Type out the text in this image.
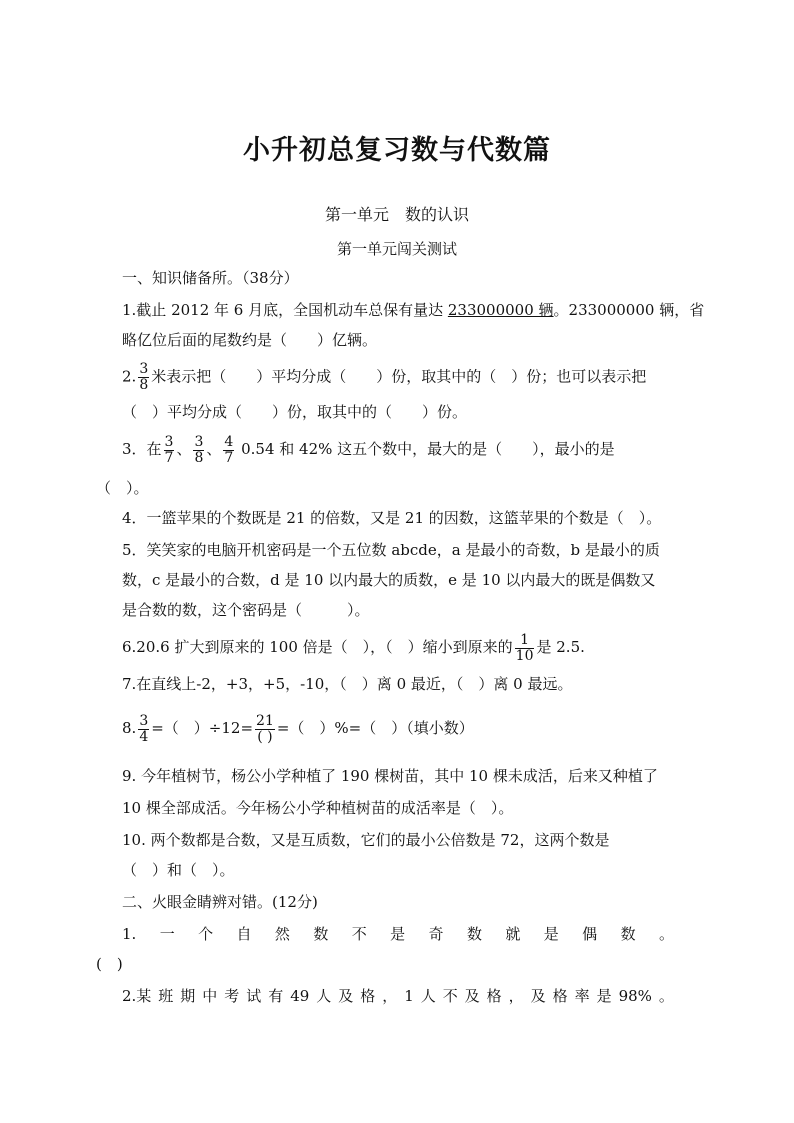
小升初总复习数与代数篇
第一单元　数的认识
第一单元闯关测试
一、知识储备所。（38分）
1.截止 2012 年 6 月底，全国机动车总保有量达 233000000 辆。233000000 辆，省
略亿位后面的尾数约是（　　）亿辆。
2. $\frac{3}{8}$ 米表示把（　　）平均分成（　　）份，取其中的（　）份；也可以表示把
（　）平均分成（　　）份，取其中的（　　）份。
3．在 $\frac{3}{7}$ 、 $\frac{3}{8}$ 、 $\frac{4}{7} 0.54$ 和 42% 这五个数中，最大的是（　　），最小的是
（　）。
4．一篮苹果的个数既是 21 的倍数，又是 21 的因数，这篮苹果的个数是（　）。
5．笑笑家的电脑开机密码是一个五位数 abcde，a 是最小的奇数，b 是最小的质
数，c 是最小的合数，d 是 10 以内最大的质数，e 是 10 以内最大的既是偶数又
是合数的数，这个密码是（　　　）。
6.20.6 扩大到原来的 100 倍是（　），（　）缩小到原来的 $\frac{1}{10}$ 是 2.5.
7.在直线上-2，+3，+5，-10，（　）离 0 最近，（　）离 0 最远。
8. $\frac{3}{4}$ =（　）$\div 12= \frac{21}{( )}$ =（　）%=（　）（填小数）
9. 今年植树节，杨公小学种植了 190 棵树苗，其中 10 棵未成活，后来又种植了
10 棵全部成活。今年杨公小学种植树苗的成活率是（　）。
10. 两个数都是合数，又是互质数，它们的最小公倍数是 72，这两个数是
（　）和（　）。
二、火眼金睛辨对错。(12分)
1. 一 个 自 然 数 不 是 奇 数 就 是 偶 数 。
(　)
2.某 班 期 中 考 试 有 49 人 及 格 ， 1 人 不 及 格 ， 及 格 率 是 98% 。
